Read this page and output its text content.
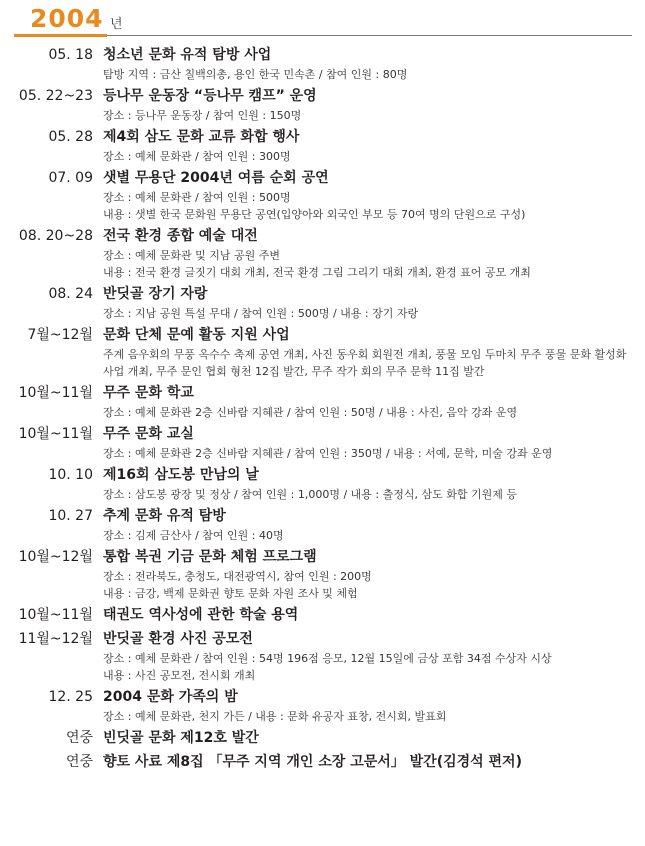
2004 년
05. 18 청소년 문화 유적 탐방 사업
탐방 지역 : 금산 칠백의총, 용인 한국 민속촌 / 참여 인원 : 80명
05. 22~23 등나무 운동장 “등나무 캠프” 운영
장소 : 등나무 운동장 / 참여 인원 : 150명
05. 28 제4회 삼도 문화 교류 화합 행사
장소 : 예체 문화관 / 참여 인원 : 300명
07. 09 샛별 무용단 2004년 여름 순회 공연
장소 : 예체 문화관 / 참여 인원 : 500명
내용 : 샛별 한국 문화원 무용단 공연(입양아와 외국인 부모 등 70여 명의 단원으로 구성)
08. 20~28 전국 환경 종합 예술 대전
장소 : 예체 문화관 및 지남 공원 주변
내용 : 전국 환경 글짓기 대회 개최, 전국 환경 그림 그리기 대회 개최, 환경 표어 공모 개최
08. 24 반딧골 장기 자랑
장소 : 지남 공원 특설 무대 / 참여 인원 : 500명 / 내용 : 장기 자랑
7월~12월 문화 단체 문예 활동 지원 사업
주계 음우회의 무풍 옥수수 축제 공연 개최, 사진 동우회 회원전 개최, 풍물 모임 두마치 무주 풍물 문화 활성화 사업 개최, 무주 문인 협회 형천 12집 발간, 무주 작가 회의 무주 문학 11집 발간
10월~11월 무주 문화 학교
장소 : 예체 문화관 2층 신바람 지혜관 / 참여 인원 : 50명 / 내용 : 사진, 음악 강좌 운영
10월~11월 무주 문화 교실
장소 : 예체 문화관 2층 신바람 지혜관 / 참여 인원 : 350명 / 내용 : 서예, 문학, 미술 강좌 운영
10. 10 제16회 삼도봉 만남의 날
장소 : 삼도봉 광장 및 정상 / 참여 인원 : 1,000명 / 내용 : 출정식, 삼도 화합 기원제 등
10. 27 추계 문화 유적 탐방
장소 : 김제 금산사 / 참여 인원 : 40명
10월~12월 통합 복권 기금 문화 체험 프로그램
장소 : 전라북도, 충청도, 대전광역시, 참여 인원 : 200명
내용 : 금강, 백제 문화권 향토 문화 자원 조사 및 체험
10월~11월 태권도 역사성에 관한 학술 용역
11월~12월 반딧골 환경 사진 공모전
장소 : 예체 문화관 / 참여 인원 : 54명 196점 응모, 12월 15일에 금상 포함 34점 수상자 시상
내용 : 사진 공모전, 전시회 개최
12. 25 2004 문화 가족의 밤
장소 : 예체 문화관, 천지 가든 / 내용 : 문화 유공자 표창, 전시회, 발표회
연중 빈딧골 문화 제12호 발간
연중 향토 사료 제8집 「무주 지역 개인 소장 고문서」 발간(김경석 편저)
